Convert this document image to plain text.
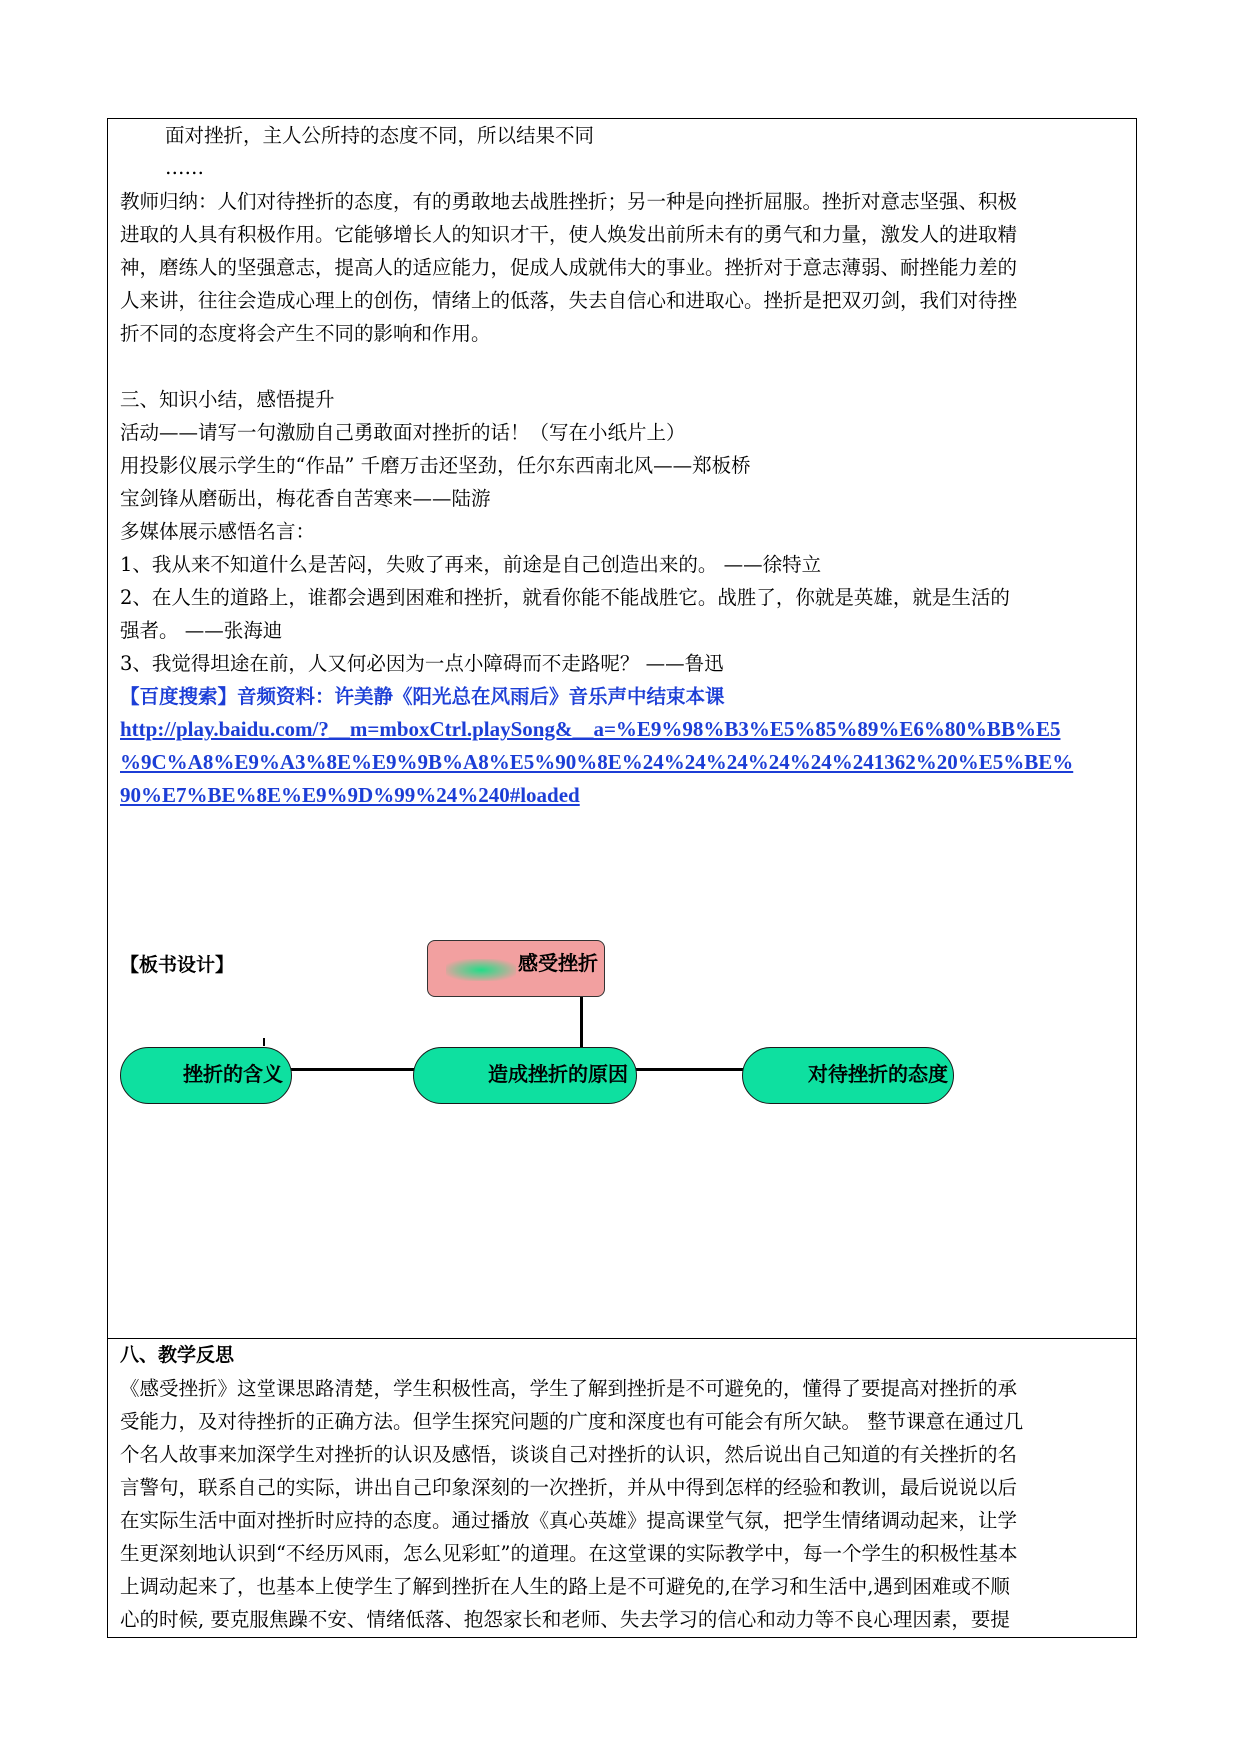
面对挫折，主人公所持的态度不同，所以结果不同
……
教师归纳：人们对待挫折的态度，有的勇敢地去战胜挫折；另一种是向挫折屈服。挫折对意志坚强、积极
进取的人具有积极作用。它能够增长人的知识才干，使人焕发出前所未有的勇气和力量，激发人的进取精
神，磨练人的坚强意志，提高人的适应能力，促成人成就伟大的事业。挫折对于意志薄弱、耐挫能力差的
人来讲，往往会造成心理上的创伤，情绪上的低落，失去自信心和进取心。挫折是把双刃剑，我们对待挫
折不同的态度将会产生不同的影响和作用。
三、知识小结，感悟提升
活动——请写一句激励自己勇敢面对挫折的话！（写在小纸片上）
用投影仪展示学生的“作品” 千磨万击还坚劲，任尔东西南北风——郑板桥
宝剑锋从磨砺出，梅花香自苦寒来——陆游
多媒体展示感悟名言：
1、我从来不知道什么是苦闷，失败了再来，前途是自己创造出来的。 ——徐特立
2、在人生的道路上，谁都会遇到困难和挫折，就看你能不能战胜它。战胜了，你就是英雄，就是生活的
强者。 ——张海迪
3、我觉得坦途在前，人又何必因为一点小障碍而不走路呢？ ——鲁迅
【百度搜索】音频资料：许美静《阳光总在风雨后》音乐声中结束本课
http://play.baidu.com/?__m=mboxCtrl.playSong&__a=%E9%98%B3%E5%85%89%E6%80%BB%E5
%9C%A8%E9%A3%8E%E9%9B%A8%E5%90%8E%24%24%24%24%24%241362%20%E5%BE%
90%E7%BE%8E%E9%9D%99%24%240#loaded
【板书设计】	感受挫折
挫折的含义	造成挫折的原因	对待挫折的态度
八、教学反思
《感受挫折》这堂课思路清楚，学生积极性高，学生了解到挫折是不可避免的，懂得了要提高对挫折的承
受能力，及对待挫折的正确方法。但学生探究问题的广度和深度也有可能会有所欠缺。 整节课意在通过几
个名人故事来加深学生对挫折的认识及感悟，谈谈自己对挫折的认识，然后说出自己知道的有关挫折的名
言警句，联系自己的实际，讲出自己印象深刻的一次挫折，并从中得到怎样的经验和教训，最后说说以后
在实际生活中面对挫折时应持的态度。通过播放《真心英雄》提高课堂气氛，把学生情绪调动起来，让学
生更深刻地认识到“不经历风雨，怎么见彩虹”的道理。在这堂课的实际教学中，每一个学生的积极性基本
上调动起来了，也基本上使学生了解到挫折在人生的路上是不可避免的,在学习和生活中,遇到困难或不顺
心的时候, 要克服焦躁不安、情绪低落、抱怨家长和老师、失去学习的信心和动力等不良心理因素，要提
